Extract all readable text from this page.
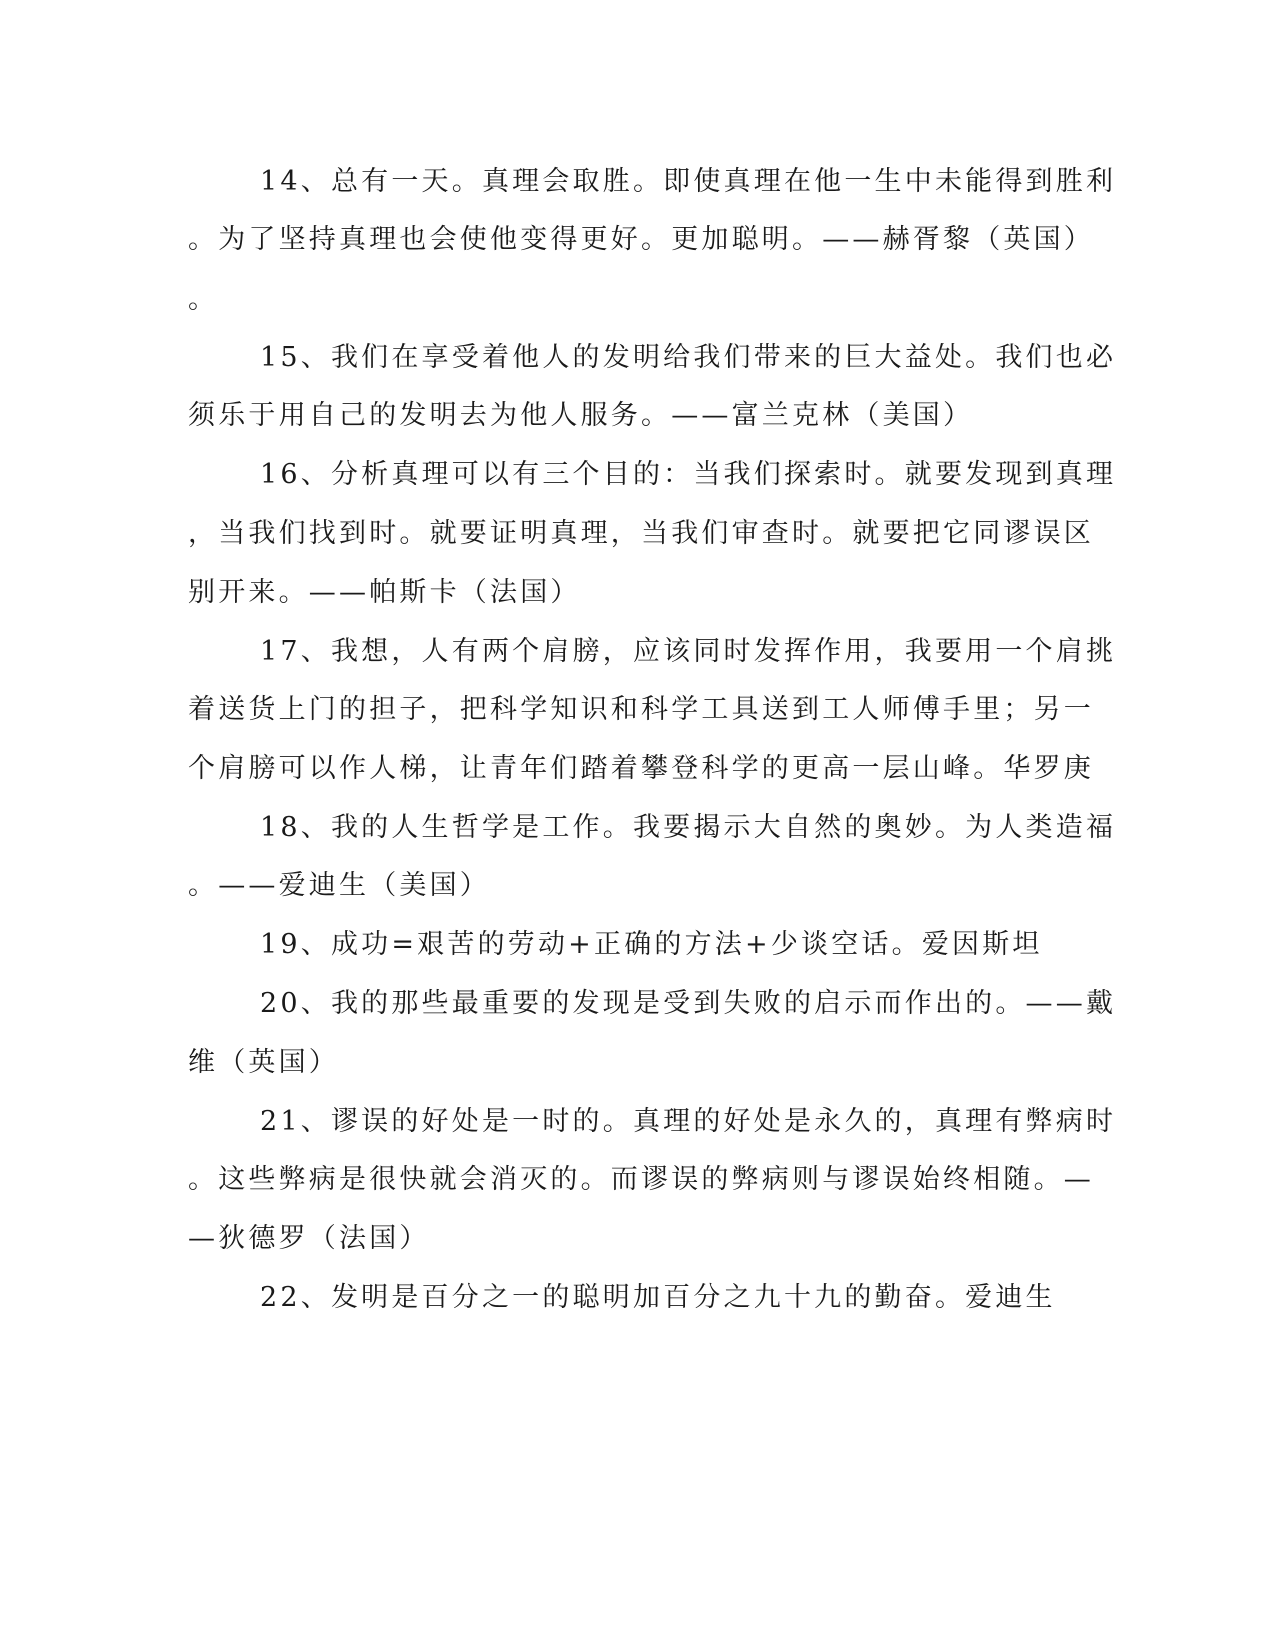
14、总有一天。真理会取胜。即使真理在他一生中未能得到胜利

。为了坚持真理也会使他变得更好。更加聪明。——赫胥黎（英国）

。

15、我们在享受着他人的发明给我们带来的巨大益处。我们也必

须乐于用自己的发明去为他人服务。——富兰克林（美国）

16、分析真理可以有三个目的：当我们探索时。就要发现到真理

，当我们找到时。就要证明真理，当我们审查时。就要把它同谬误区

别开来。——帕斯卡（法国）

17、我想，人有两个肩膀，应该同时发挥作用，我要用一个肩挑

着送货上门的担子，把科学知识和科学工具送到工人师傅手里；另一

个肩膀可以作人梯，让青年们踏着攀登科学的更高一层山峰。华罗庚

18、我的人生哲学是工作。我要揭示大自然的奥妙。为人类造福

。——爱迪生（美国）

19、成功=艰苦的劳动+正确的方法+少谈空话。爱因斯坦

20、我的那些最重要的发现是受到失败的启示而作出的。——戴

维（英国）

21、谬误的好处是一时的。真理的好处是永久的，真理有弊病时

。这些弊病是很快就会消灭的。而谬误的弊病则与谬误始终相随。—

—狄德罗（法国）

22、发明是百分之一的聪明加百分之九十九的勤奋。爱迪生
